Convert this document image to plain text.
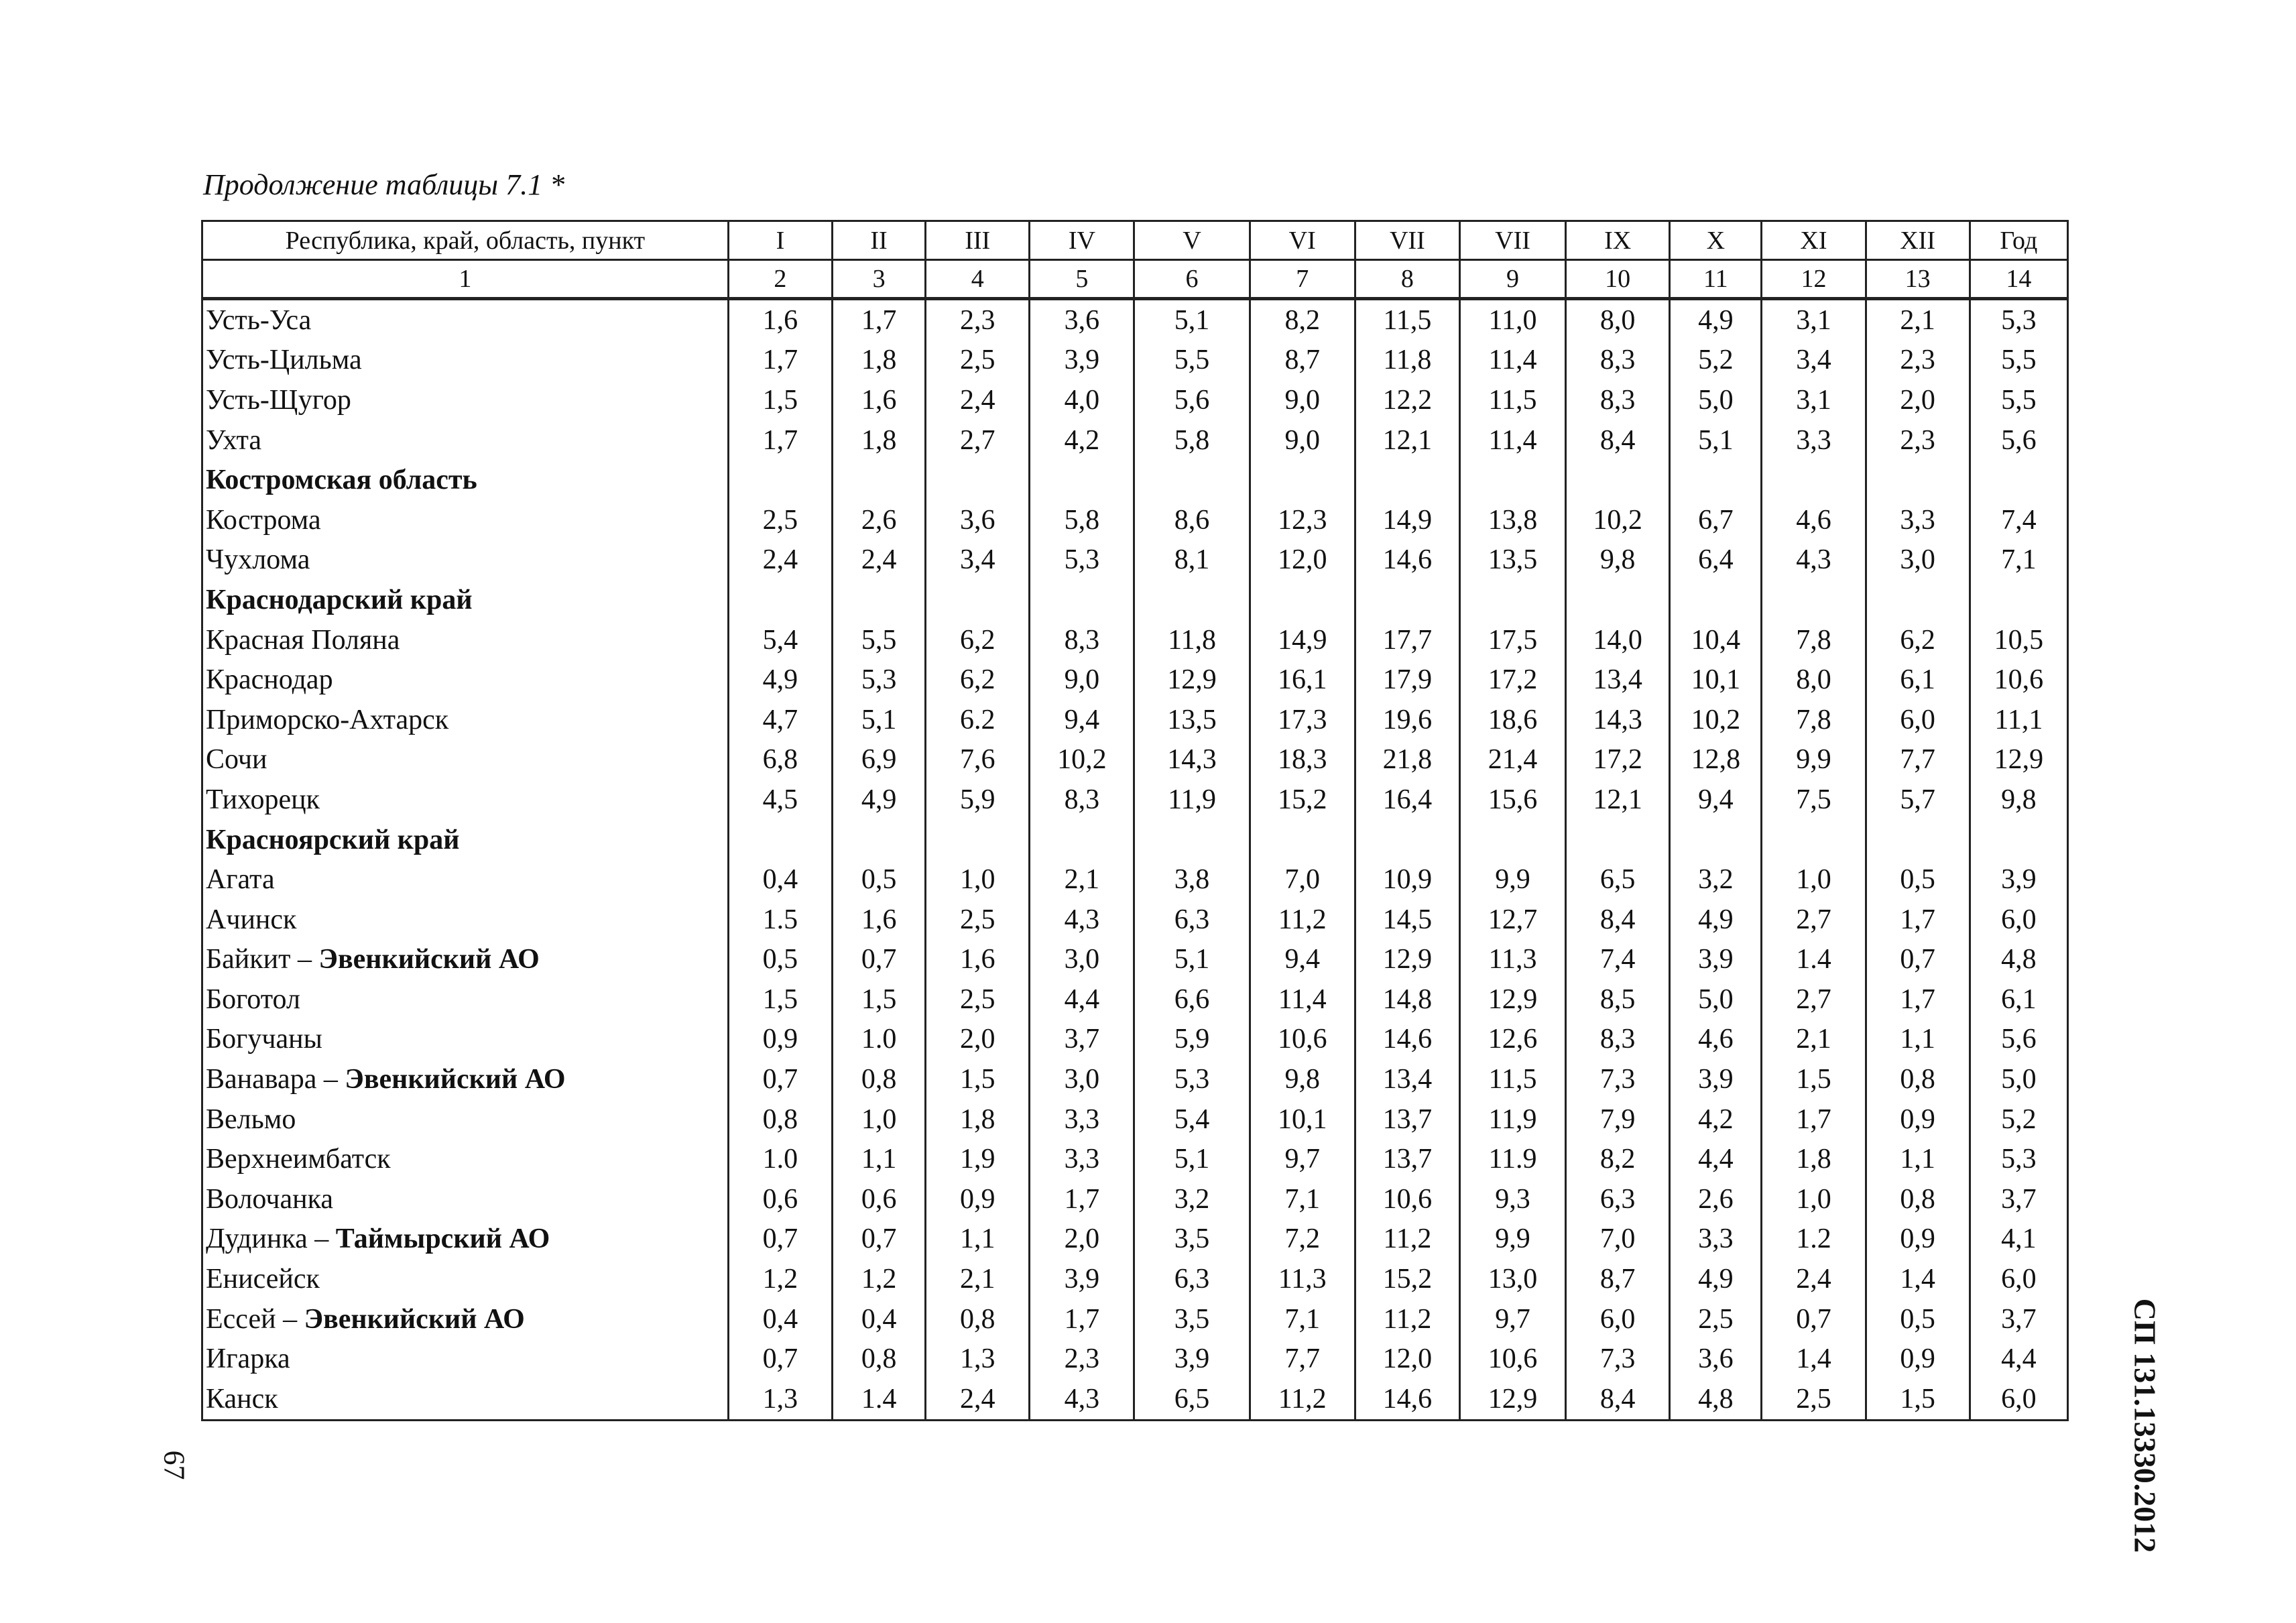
Продолжение таблицы 7.1 *
Республика, край, область, пункт	I	II	III	IV	V	VI	VII	VII	IX	X	XI	XII	Год
1	2	3	4	5	6	7	8	9	10	11	12	13	14
Усть-Уса	1,6	1,7	2,3	3,6	5,1	8,2	11,5	11,0	8,0	4,9	3,1	2,1	5,3
Усть-Цильма	1,7	1,8	2,5	3,9	5,5	8,7	11,8	11,4	8,3	5,2	3,4	2,3	5,5
Усть-Щугор	1,5	1,6	2,4	4,0	5,6	9,0	12,2	11,5	8,3	5,0	3,1	2,0	5,5
Ухта	1,7	1,8	2,7	4,2	5,8	9,0	12,1	11,4	8,4	5,1	3,3	2,3	5,6
Костромская область													
Кострома	2,5	2,6	3,6	5,8	8,6	12,3	14,9	13,8	10,2	6,7	4,6	3,3	7,4
Чухлома	2,4	2,4	3,4	5,3	8,1	12,0	14,6	13,5	9,8	6,4	4,3	3,0	7,1
Краснодарский край													
Красная Поляна	5,4	5,5	6,2	8,3	11,8	14,9	17,7	17,5	14,0	10,4	7,8	6,2	10,5
Краснодар	4,9	5,3	6,2	9,0	12,9	16,1	17,9	17,2	13,4	10,1	8,0	6,1	10,6
Приморско-Ахтарск	4,7	5,1	6.2	9,4	13,5	17,3	19,6	18,6	14,3	10,2	7,8	6,0	11,1
Сочи	6,8	6,9	7,6	10,2	14,3	18,3	21,8	21,4	17,2	12,8	9,9	7,7	12,9
Тихорецк	4,5	4,9	5,9	8,3	11,9	15,2	16,4	15,6	12,1	9,4	7,5	5,7	9,8
Красноярский край													
Агата	0,4	0,5	1,0	2,1	3,8	7,0	10,9	9,9	6,5	3,2	1,0	0,5	3,9
Ачинск	1.5	1,6	2,5	4,3	6,3	11,2	14,5	12,7	8,4	4,9	2,7	1,7	6,0
Байкит – Эвенкийский АО	0,5	0,7	1,6	3,0	5,1	9,4	12,9	11,3	7,4	3,9	1.4	0,7	4,8
Боготол	1,5	1,5	2,5	4,4	6,6	11,4	14,8	12,9	8,5	5,0	2,7	1,7	6,1
Богучаны	0,9	1.0	2,0	3,7	5,9	10,6	14,6	12,6	8,3	4,6	2,1	1,1	5,6
Ванавара – Эвенкийский АО	0,7	0,8	1,5	3,0	5,3	9,8	13,4	11,5	7,3	3,9	1,5	0,8	5,0
Вельмо	0,8	1,0	1,8	3,3	5,4	10,1	13,7	11,9	7,9	4,2	1,7	0,9	5,2
Верхнеимбатск	1.0	1,1	1,9	3,3	5,1	9,7	13,7	11.9	8,2	4,4	1,8	1,1	5,3
Волочанка	0,6	0,6	0,9	1,7	3,2	7,1	10,6	9,3	6,3	2,6	1,0	0,8	3,7
Дудинка – Таймырский АО	0,7	0,7	1,1	2,0	3,5	7,2	11,2	9,9	7,0	3,3	1.2	0,9	4,1
Енисейск	1,2	1,2	2,1	3,9	6,3	11,3	15,2	13,0	8,7	4,9	2,4	1,4	6,0
Ессей – Эвенкийский АО	0,4	0,4	0,8	1,7	3,5	7,1	11,2	9,7	6,0	2,5	0,7	0,5	3,7
Игарка	0,7	0,8	1,3	2,3	3,9	7,7	12,0	10,6	7,3	3,6	1,4	0,9	4,4
Канск	1,3	1.4	2,4	4,3	6,5	11,2	14,6	12,9	8,4	4,8	2,5	1,5	6,0
67	СП 131.13330.2012
